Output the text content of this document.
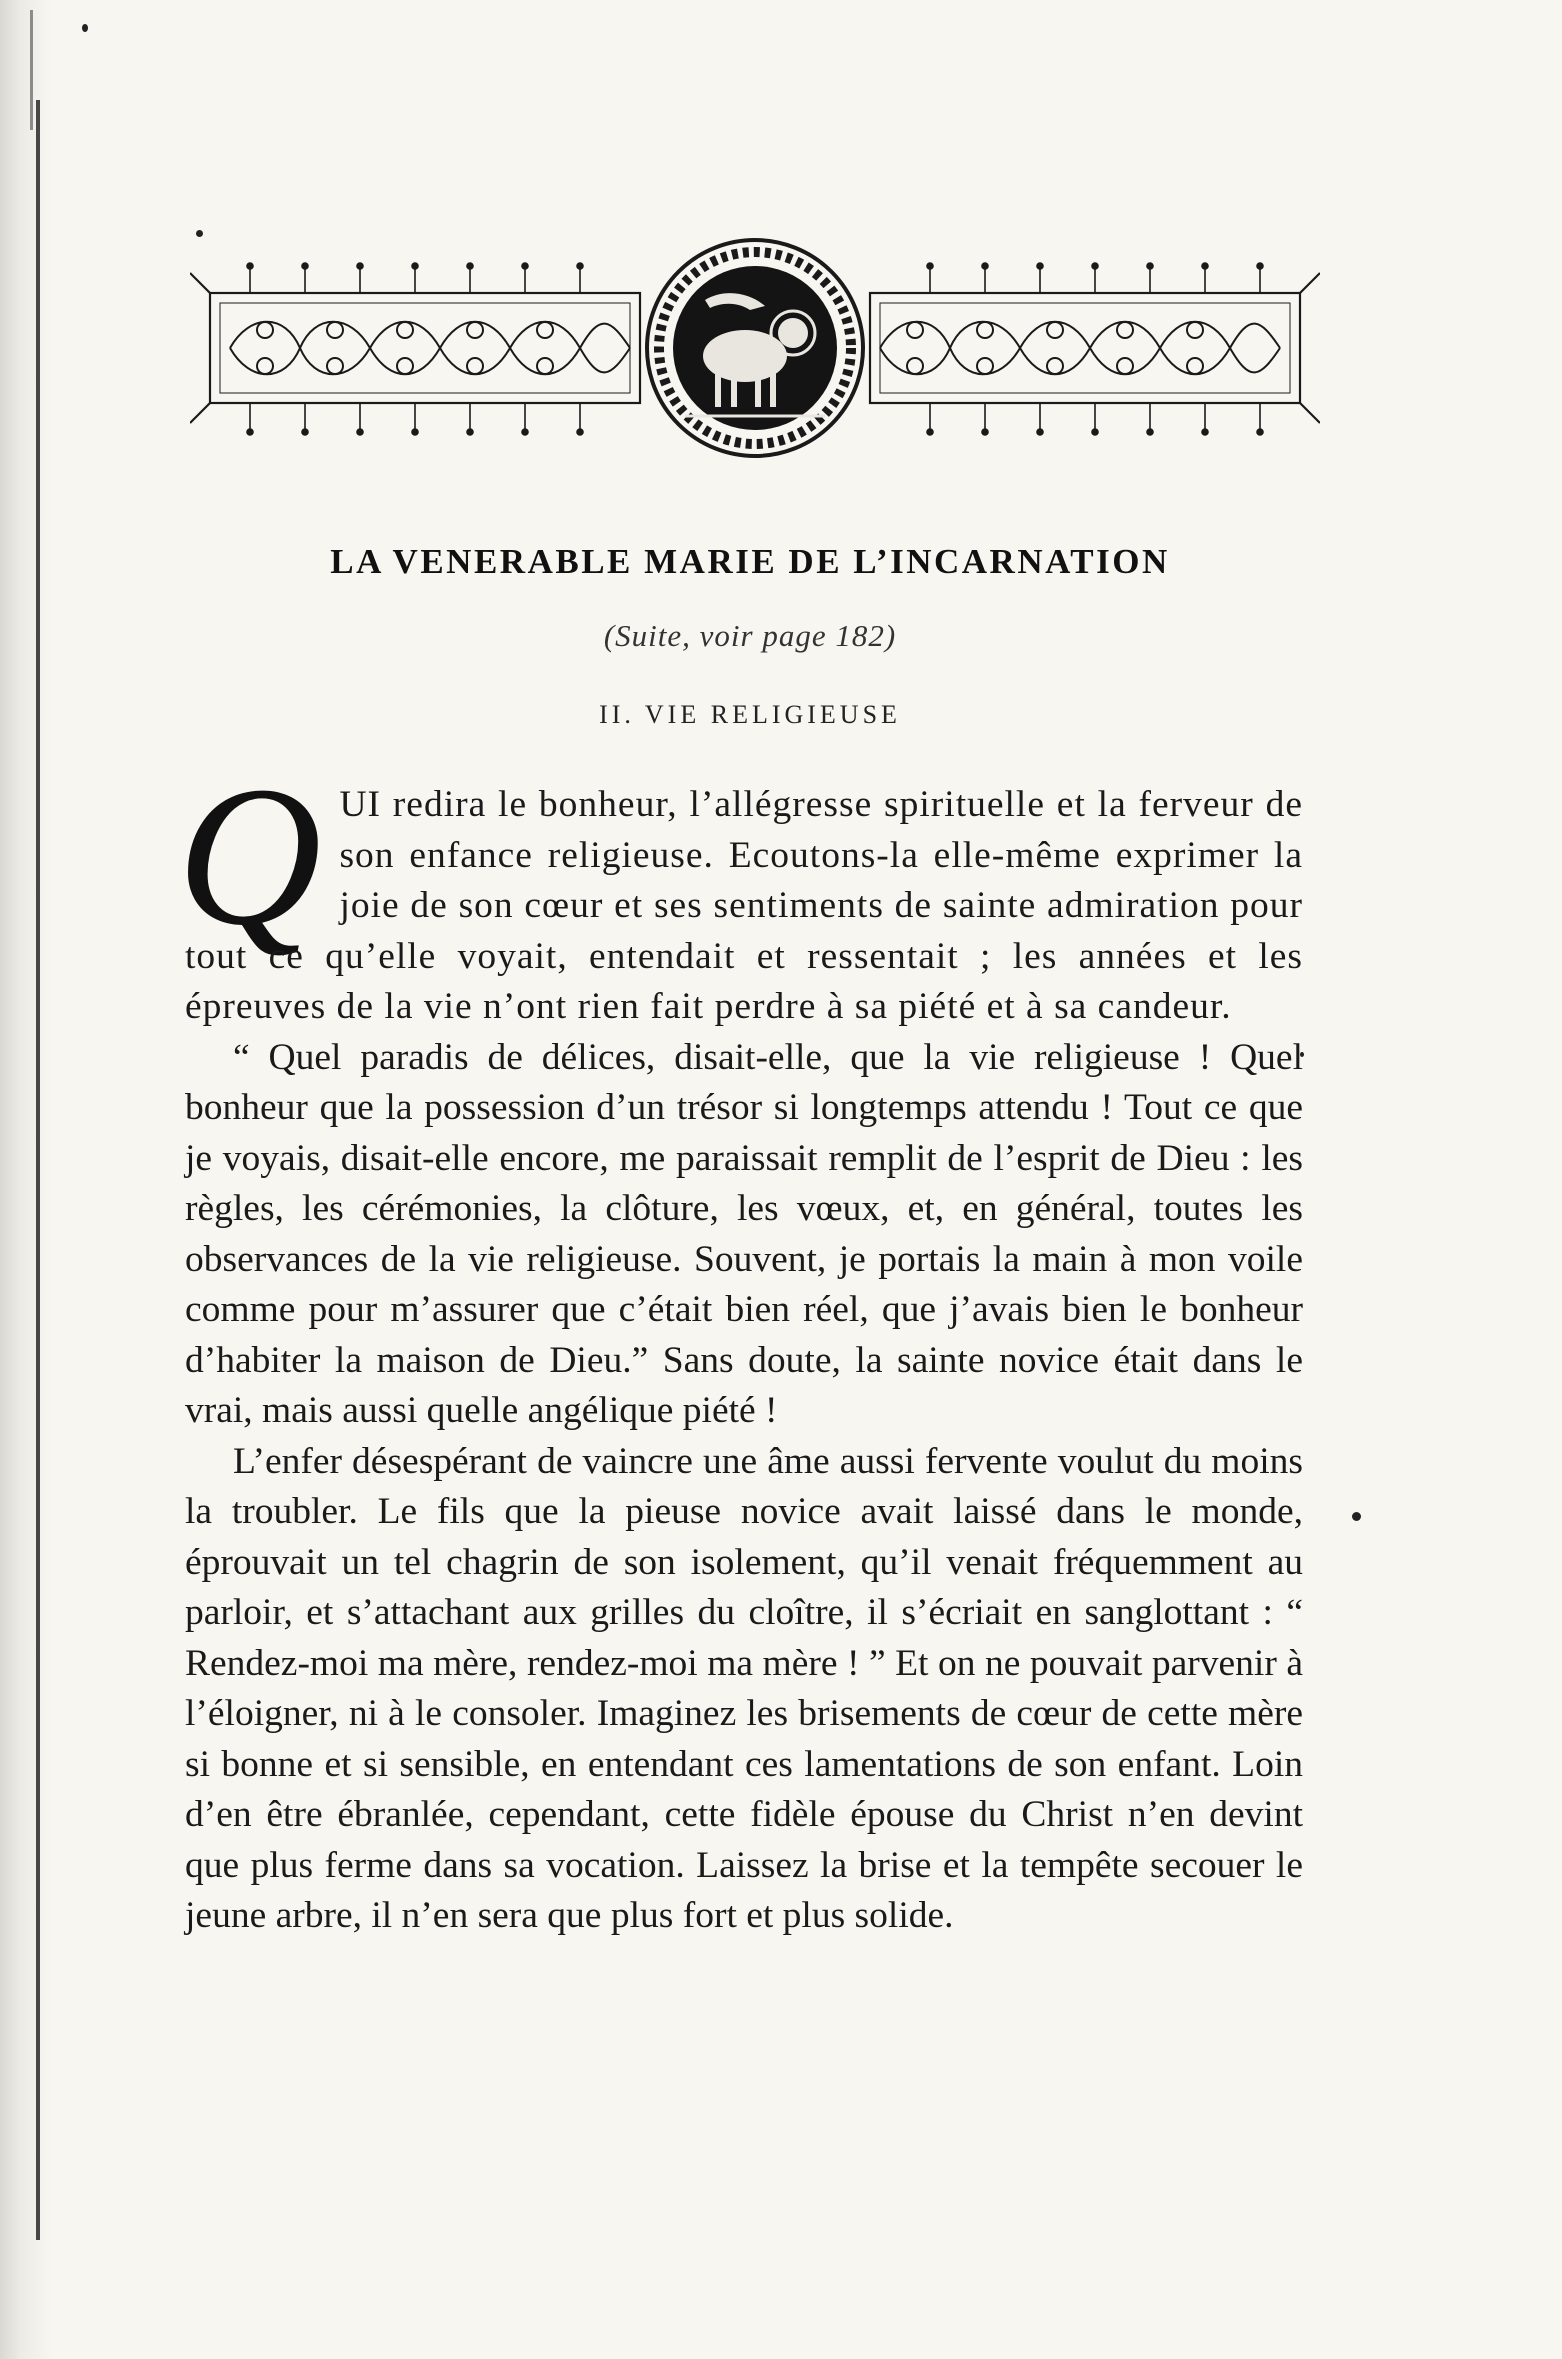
LA VENERABLE MARIE DE L’INCARNATION
(Suite, voir page 182)
II. VIE RELIGIEUSE

QUI redira le bonheur, l’allégresse spirituelle et la ferveur de son enfance religieuse. Ecoutons-la elle-même exprimer la joie de son cœur et ses sentiments de sainte admiration pour tout ce qu’elle voyait, entendait et ressentait ; les années et les épreuves de la vie n’ont rien fait perdre à sa piété et à sa candeur.

“ Quel paradis de délices, disait-elle, que la vie religieuse ! Quel bonheur que la possession d’un trésor si longtemps attendu ! Tout ce que je voyais, disait-elle encore, me paraissait remplit de l’esprit de Dieu : les règles, les cérémonies, la clôture, les vœux, et, en général, toutes les observances de la vie religieuse. Souvent, je portais la main à mon voile comme pour m’assurer que c’était bien réel, que j’avais bien le bonheur d’habiter la maison de Dieu.” Sans doute, la sainte novice était dans le vrai, mais aussi quelle angélique piété !

L’enfer désespérant de vaincre une âme aussi fervente voulut du moins la troubler. Le fils que la pieuse novice avait laissé dans le monde, éprouvait un tel chagrin de son isolement, qu’il venait fréquemment au parloir, et s’attachant aux grilles du cloître, il s’écriait en sanglottant : “ Rendez-moi ma mère, rendez-moi ma mère ! ” Et on ne pouvait parvenir à l’éloigner, ni à le consoler. Imaginez les brisements de cœur de cette mère si bonne et si sensible, en entendant ces lamentations de son enfant. Loin d’en être ébranlée, cependant, cette fidèle épouse du Christ n’en devint que plus ferme dans sa vocation. Laissez la brise et la tempête secouer le jeune arbre, il n’en sera que plus fort et plus solide.
